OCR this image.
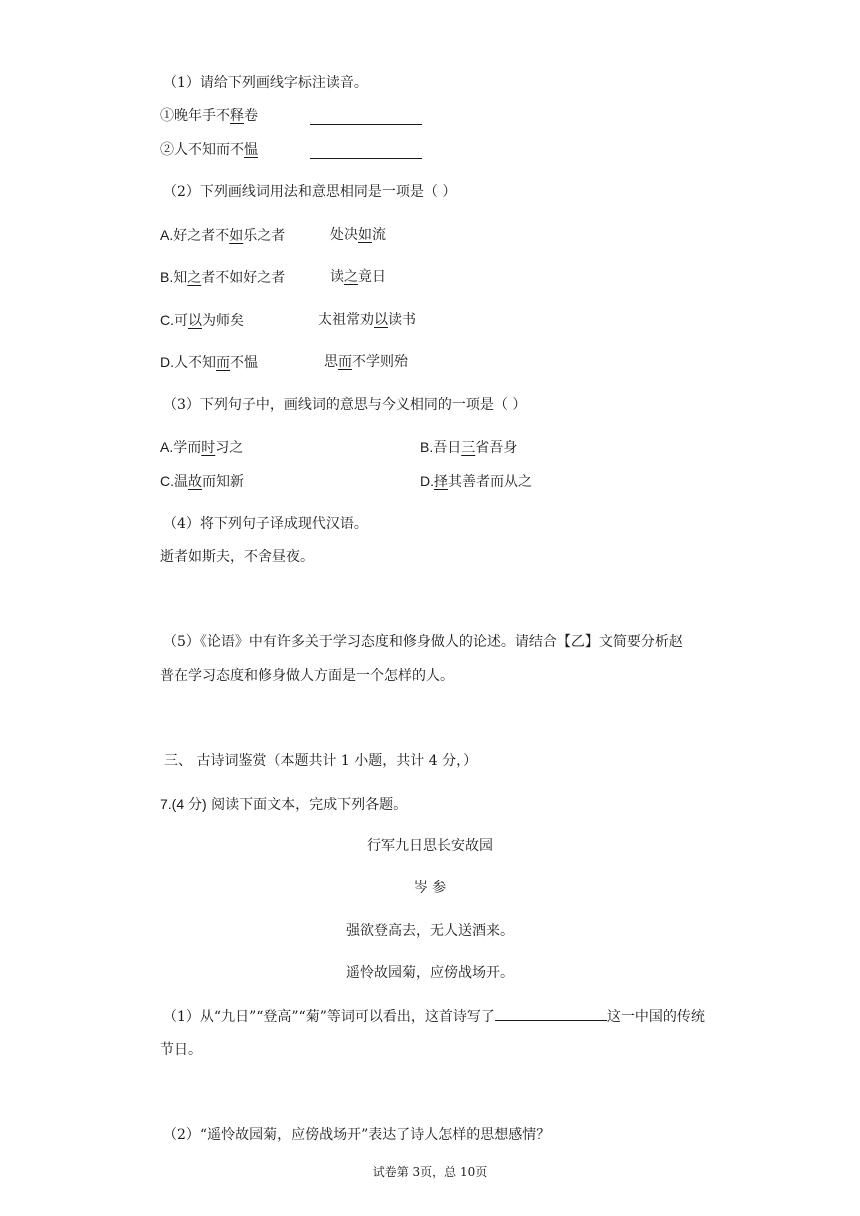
（1）请给下列画线字标注读音。
①晚年手不释卷
②人不知而不愠
（2）下列画线词用法和意思相同是一项是（ ）
A.好之者不如乐之者	处决如流
B.知之者不如好之者	读之竟日
C.可以为师矣	太祖常劝以读书
D.人不知而不愠	思而不学则殆
（3）下列句子中，画线词的意思与今义相同的一项是（ ）
A.学而时习之	B.吾日三省吾身
C.温故而知新	D.择其善者而从之
（4）将下列句子译成现代汉语。
逝者如斯夫，不舍昼夜。
（5）《论语》中有许多关于学习态度和修身做人的论述。请结合【乙】文简要分析赵
普在学习态度和修身做人方面是一个怎样的人。
三、 古诗词鉴赏（本题共计 1 小题，共计 4 分，）
7.(4 分) 阅读下面文本，完成下列各题。
行军九日思长安故园
岑 参
强欲登高去，无人送酒来。
遥怜故园菊，应傍战场开。
（1）从“九日”“登高”“菊”等词可以看出，这首诗写了	这一中国的传统
节日。
（2）“遥怜故园菊，应傍战场开”表达了诗人怎样的思想感情？
试卷第 3页，总 10页
